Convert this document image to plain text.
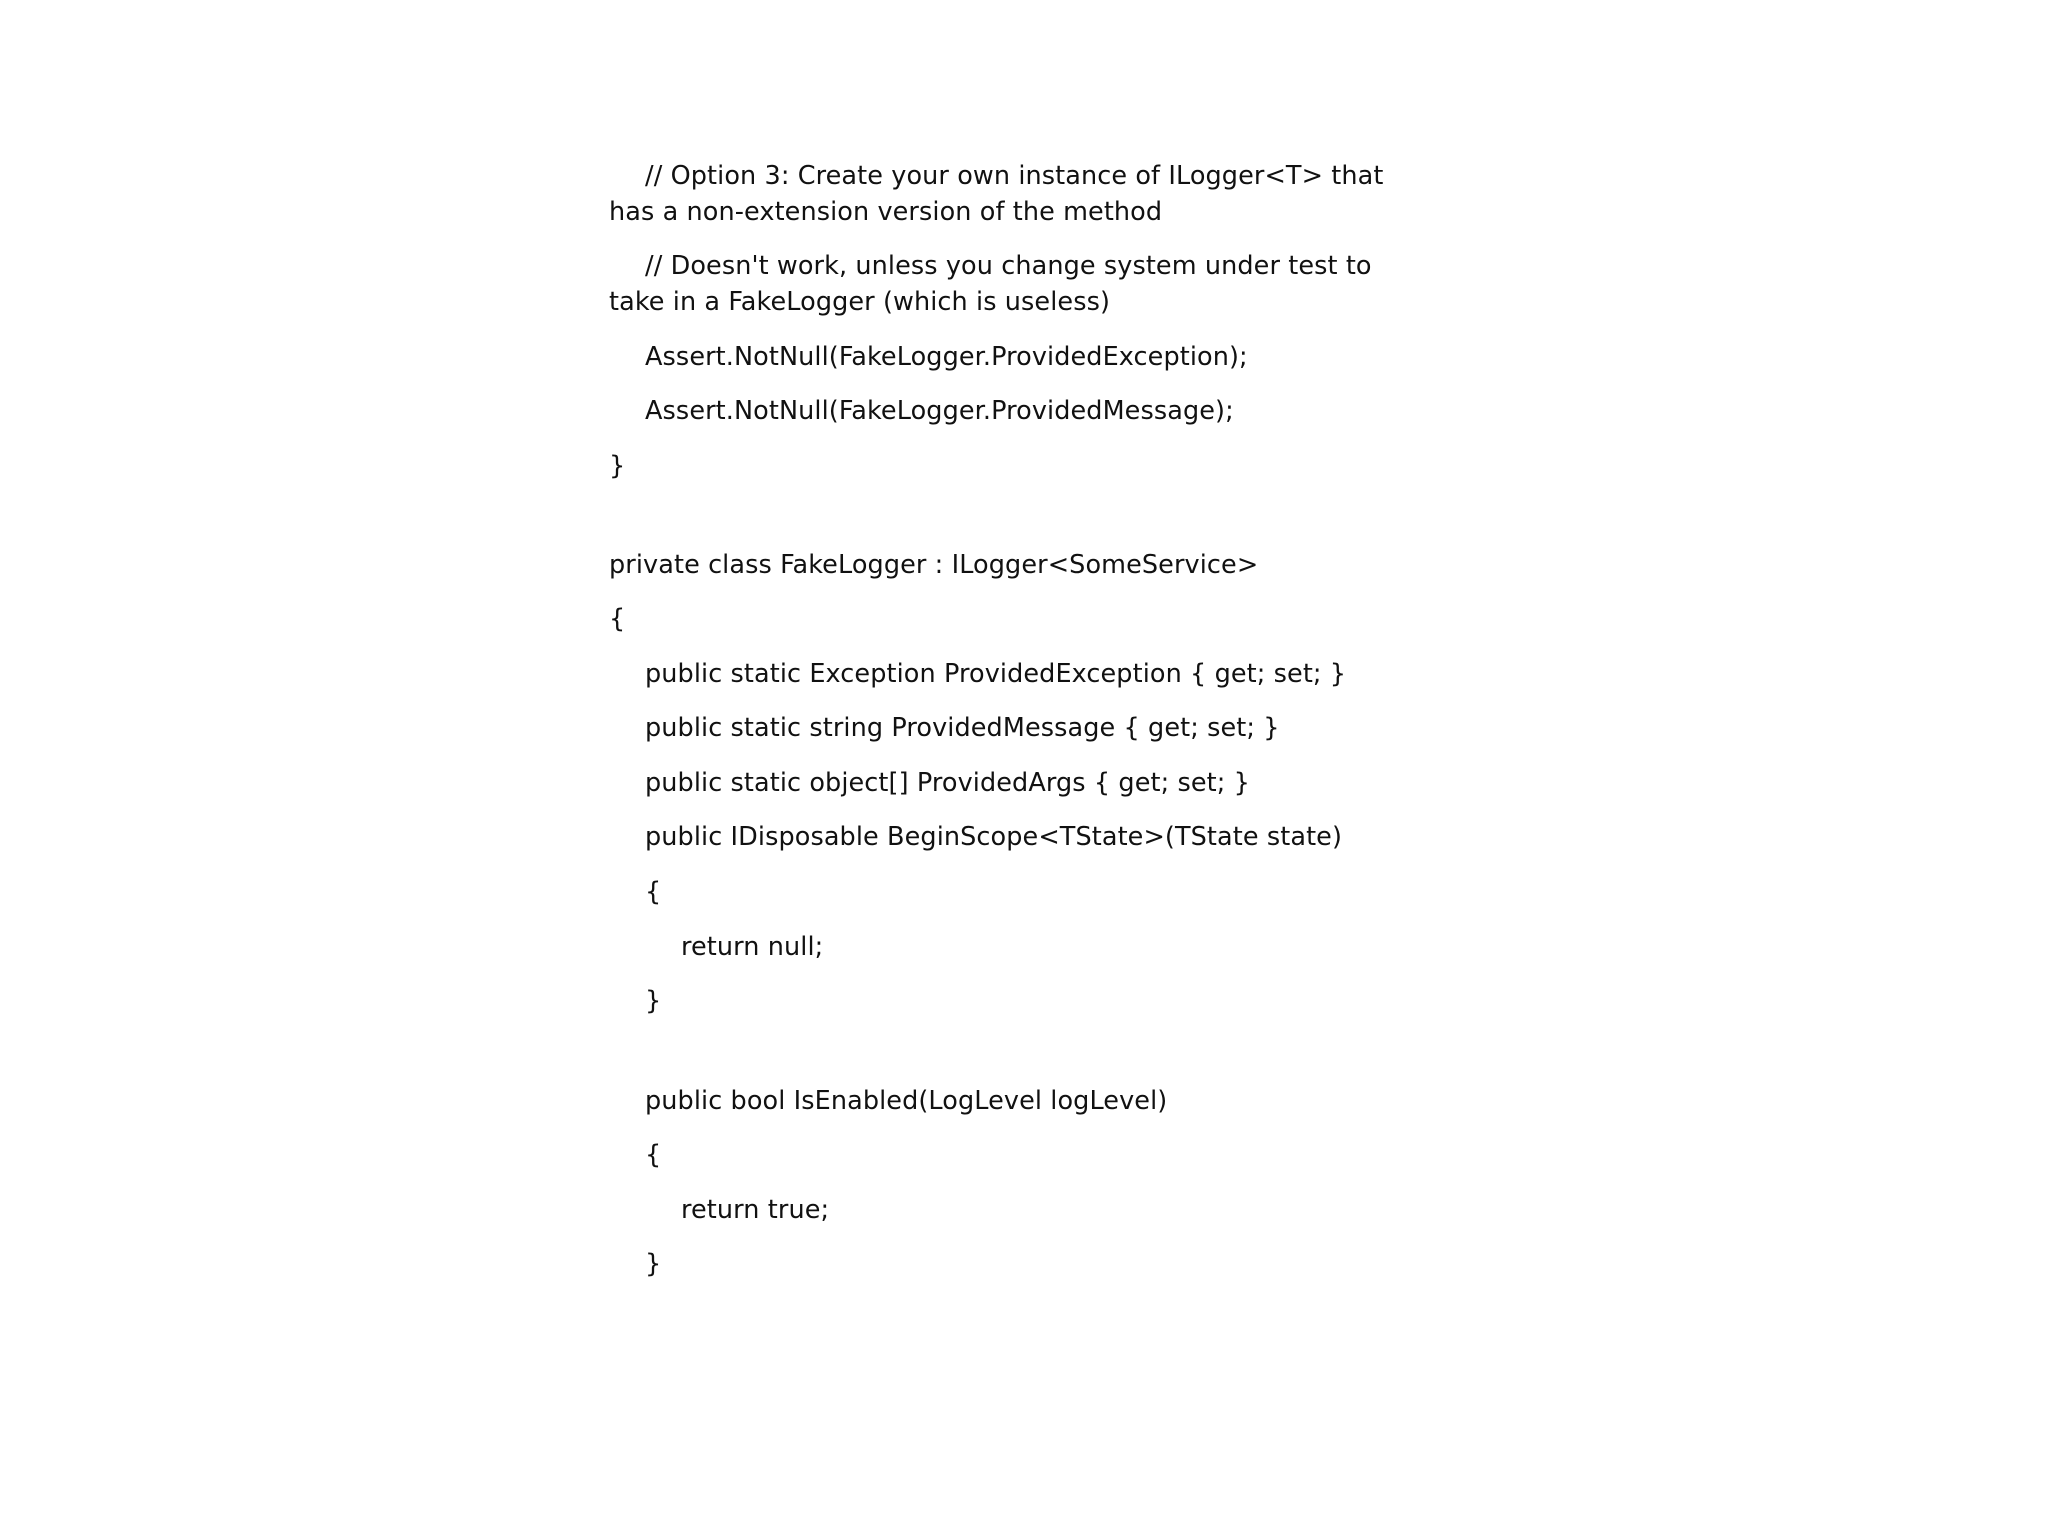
// Option 3: Create your own instance of ILogger<T> that
has a non-extension version of the method
// Doesn't work, unless you change system under test to
take in a FakeLogger (which is useless)
Assert.NotNull(FakeLogger.ProvidedException);
Assert.NotNull(FakeLogger.ProvidedMessage);
}
private class FakeLogger : ILogger<SomeService>
{
public static Exception ProvidedException { get; set; }
public static string ProvidedMessage { get; set; }
public static object[] ProvidedArgs { get; set; }
public IDisposable BeginScope<TState>(TState state)
{
return null;
}
public bool IsEnabled(LogLevel logLevel)
{
return true;
}
